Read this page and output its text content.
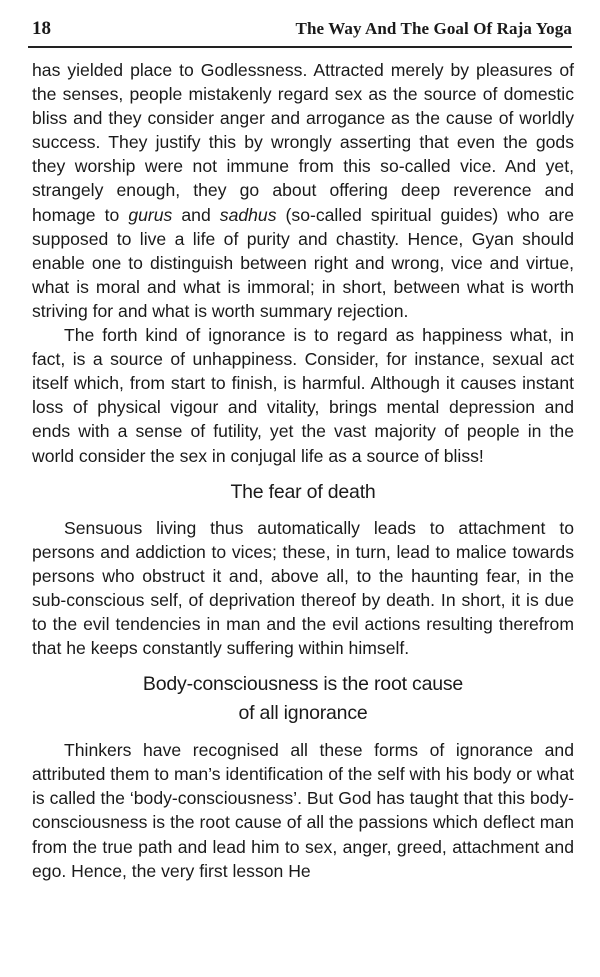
18	The Way And The Goal Of Raja Yoga

has yielded place to Godlessness. Attracted merely by pleasures of the senses, people mistakenly regard sex as the source of domestic bliss and they consider anger and arrogance as the cause of worldly success. They justify this by wrongly asserting that even the gods they worship were not immune from this so-called vice. And yet, strangely enough, they go about offering deep reverence and homage to gurus and sadhus (so-called spiritual guides) who are supposed to live a life of purity and chastity. Hence, Gyan should enable one to distinguish between right and wrong, vice and virtue, what is moral and what is immoral; in short, between what is worth striving for and what is worth summary rejection.

The forth kind of ignorance is to regard as happiness what, in fact, is a source of unhappiness. Consider, for instance, sexual act itself which, from start to finish, is harmful. Although it causes instant loss of physical vigour and vitality, brings mental depression and ends with a sense of futility, yet the vast majority of people in the world consider the sex in conjugal life as a source of bliss!

The fear of death

Sensuous living thus automatically leads to attachment to persons and addiction to vices; these, in turn, lead to malice towards persons who obstruct it and, above all, to the haunting fear, in the sub-conscious self, of deprivation thereof by death. In short, it is due to the evil tendencies in man and the evil actions resulting therefrom that he keeps constantly suffering within himself.

Body-consciousness is the root cause
of all ignorance

Thinkers have recognised all these forms of ignorance and attributed them to man’s identification of the self with his body or what is called the ‘body-consciousness’. But God has taught that this body-consciousness is the root cause of all the passions which deflect man from the true path and lead him to sex, anger, greed, attachment and ego. Hence, the very first lesson He
